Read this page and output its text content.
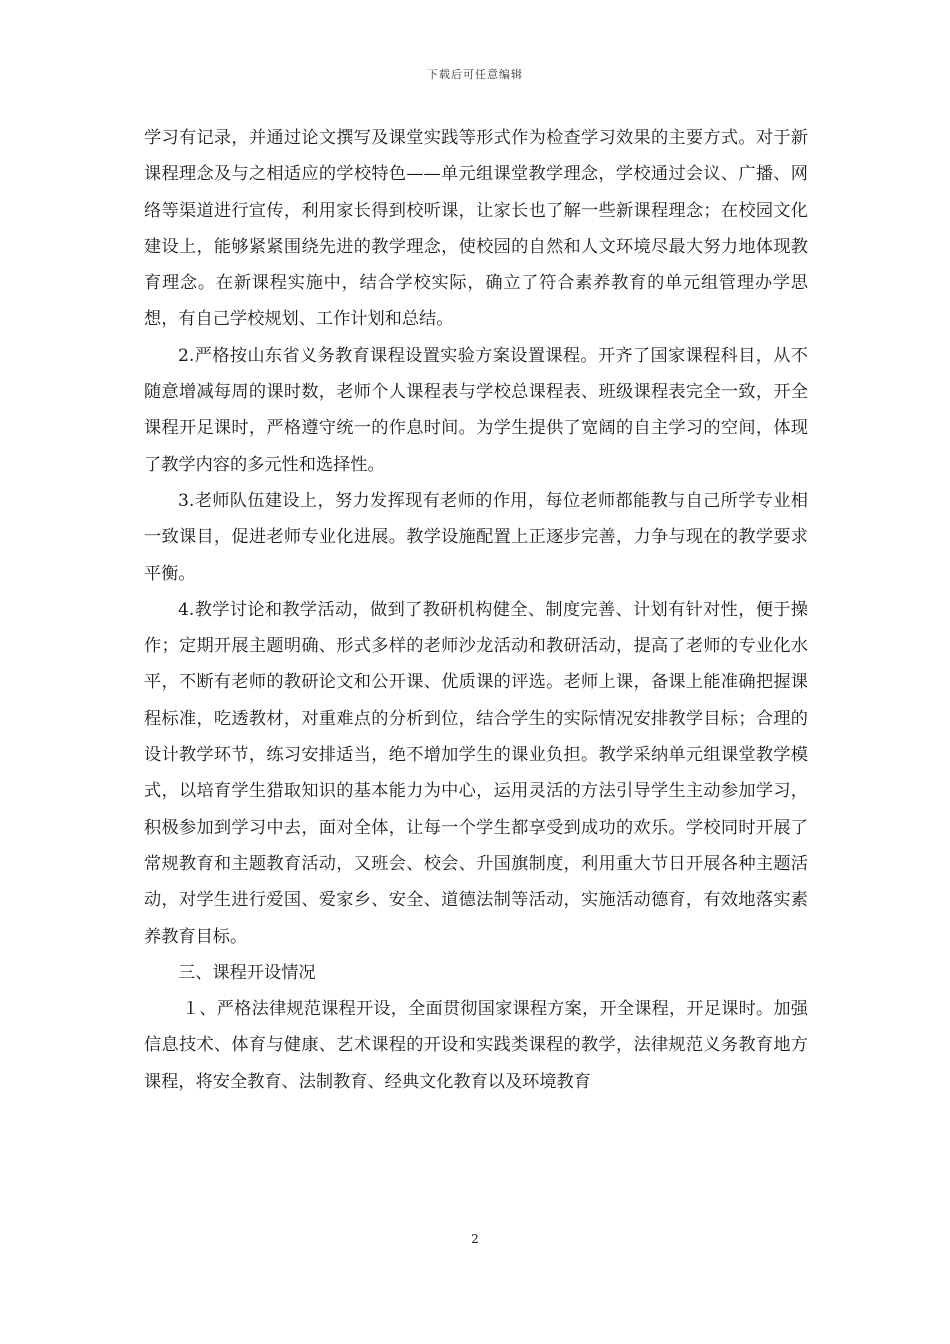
下载后可任意编辑

学习有记录，并通过论文撰写及课堂实践等形式作为检查学习效果的主要方式。对于新课程理念及与之相适应的学校特色——单元组课堂教学理念，学校通过会议、广播、网络等渠道进行宣传，利用家长得到校听课，让家长也了解一些新课程理念；在校园文化建设上，能够紧紧围绕先进的教学理念，使校园的自然和人文环境尽最大努力地体现教育理念。在新课程实施中，结合学校实际，确立了符合素养教育的单元组管理办学思想，有自己学校规划、工作计划和总结。

2.严格按山东省义务教育课程设置实验方案设置课程。开齐了国家课程科目，从不随意增减每周的课时数，老师个人课程表与学校总课程表、班级课程表完全一致，开全课程开足课时，严格遵守统一的作息时间。为学生提供了宽阔的自主学习的空间，体现了教学内容的多元性和选择性。

3.老师队伍建设上，努力发挥现有老师的作用，每位老师都能教与自己所学专业相一致课目，促进老师专业化进展。教学设施配置上正逐步完善，力争与现在的教学要求平衡。

4.教学讨论和教学活动，做到了教研机构健全、制度完善、计划有针对性，便于操作；定期开展主题明确、形式多样的老师沙龙活动和教研活动，提高了老师的专业化水平，不断有老师的教研论文和公开课、优质课的评选。老师上课，备课上能准确把握课程标准，吃透教材，对重难点的分析到位，结合学生的实际情况安排教学目标；合理的设计教学环节，练习安排适当，绝不增加学生的课业负担。教学采纳单元组课堂教学模式，以培育学生猎取知识的基本能力为中心，运用灵活的方法引导学生主动参加学习，积极参加到学习中去，面对全体，让每一个学生都享受到成功的欢乐。学校同时开展了常规教育和主题教育活动，又班会、校会、升国旗制度，利用重大节日开展各种主题活动，对学生进行爱国、爱家乡、安全、道德法制等活动，实施活动德育，有效地落实素养教育目标。

三、课程开设情况

１、严格法律规范课程开设，全面贯彻国家课程方案，开全课程，开足课时。加强信息技术、体育与健康、艺术课程的开设和实践类课程的教学，法律规范义务教育地方课程，将安全教育、法制教育、经典文化教育以及环境教育

2
